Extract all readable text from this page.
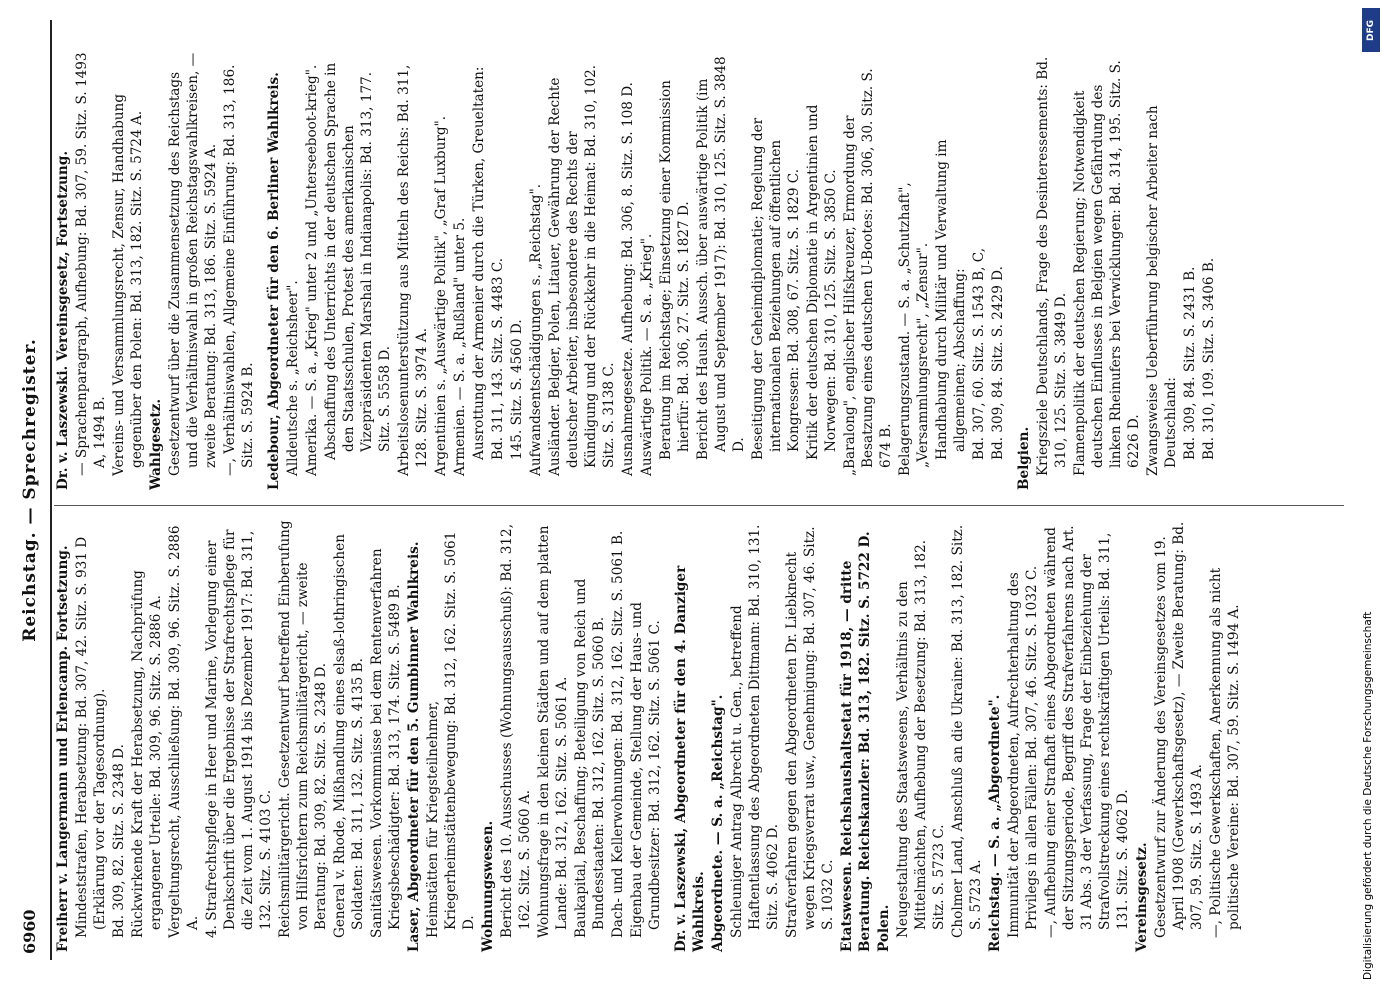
6960
Reichstag. — Sprechregister.
Freiherr v. Langermann und Erlencamp. Fortsetzung. Mindeststrafen, Herabsetzung: Bd. 307, 42. Sitz. S. 931 D (Erklärung vor der Tagesordnung). Bd. 309, 82. Sitz. S. 2348 D. Rückwirkende Kraft der Herabsetzung, Nachprüfung ergangener Urteile: Bd. 309, 96. Sitz. S. 2886 A. Vergeltungsrecht, Ausschließung: Bd. 309, 96. Sitz. S. 2886 A. 4. Strafrechtspflege in Heer und Marine, Vorlegung einer Denkschrift über die Ergebnisse der Strafrechtspflege für die Zeit vom 1. August 1914 bis Dezember 1917: Bd. 311, 132. Sitz. S. 4103 C. Reichsmilitärgericht. Gesetzentwurf betreffend Einberufung von Hilfsrichtern zum Reichsmilitärgericht, — zweite Beratung: Bd. 309, 82. Sitz. S. 2348 D. General v. Rhode, Mißhandlung eines elsaß-lothringischen Soldaten: Bd. 311, 132. Sitz. S. 4135 B. Sanitätswesen. Vorkommnisse bei dem Rentenverfahren Kriegsbeschädigter: Bd. 313, 174. Sitz. S. 5489 B. Laser, Abgeordneter für den 5. Gumbinner Wahlkreis. Heimstätten für Kriegsteilnehmer, Kriegerheimstättenbewegung: Bd. 312, 162. Sitz. S. 5061 D. Wohnungswesen. Bericht des 10. Ausschusses (Wohnungsausschuß): Bd. 312, 162. Sitz. S. 5060 A. Wohnungsfrage in den kleinen Städten und auf dem platten Lande: Bd. 312, 162. Sitz. S. 5061 A. Baukapital, Beschaffung; Beteiligung von Reich und Bundesstaaten: Bd. 312, 162. Sitz. S. 5060 B. Dach- und Kellerwohnungen: Bd. 312, 162. Sitz. S. 5061 B. Eigenbau der Gemeinde, Stellung der Haus- und Grundbesitzer: Bd. 312, 162. Sitz. S. 5061 C. Dr. v. Laszewski, Abgeordneter für den 4. Danziger Wahlkreis. Abgeordnete. — S. a. „Reichstag". Schleuniger Antrag Albrecht u. Gen., betreffend Haftentlassung des Abgeordneten Dittmann: Bd. 310, 131. Sitz. S. 4062 D. Strafverfahren gegen den Abgeordneten Dr. Liebknecht wegen Kriegsverrat usw., Genehmigung: Bd. 307, 46. Sitz. S. 1032 C. Etatswesen. Reichshaushaltsetat für 1918, — dritte Beratung. Reichskanzler: Bd. 313, 182. Sitz. S. 5722 D. Polen. Neugestaltung des Staatswesens, Verhältnis zu den Mittelmächten, Aufhebung der Besetzung: Bd. 313, 182. Sitz. S. 5723 C. Cholmer Land, Anschluß an die Ukraine: Bd. 313, 182. Sitz. S. 5723 A. Reichstag. — S. a. „Abgeordnete". Immunität der Abgeordneten, Aufrechterhaltung des Privilegs in allen Fällen: Bd. 307, 46. Sitz. S. 1032 C. —, Aufhebung einer Strafhaft eines Abgeordneten während der Sitzungsperiode, Begriff des Strafverfahrens nach Art. 31 Abs. 3 der Verfassung, Frage der Einbeziehung der Strafvollstreckung eines rechtskräftigen Urteils: Bd. 311, 131. Sitz. S. 4062 D. Vereinsgesetz. Gesetzentwurf zur Änderung des Vereinsgesetzes vom 19. April 1908 (Gewerkschaftsgesetz), — Zweite Beratung: Bd. 307, 59. Sitz. S. 1493 A. —, Politische Gewerkschaften, Anerkennung als nicht politische Vereine: Bd. 307, 59. Sitz. S. 1494 A.
Dr. v. Laszewski. Vereinsgesetz, Fortsetzung. — Sprachenparagraph, Aufhebung: Bd. 307, 59. Sitz. S. 1493 A, 1494 B. Vereins- und Versammlungsrecht, Zensur, Handhabung gegenüber den Polen: Bd. 313, 182. Sitz. S. 5724 A. Wahlgesetz. Gesetzentwurf über die Zusammensetzung des Reichstags und die Verhältniswahl in großen Reichstagswahlkreisen, — zweite Beratung: Bd. 313, 186. Sitz. S. 5924 A. —, Verhältniswahlen, Allgemeine Einführung: Bd. 313, 186. Sitz. S. 5924 B. Ledebour, Abgeordneter für den 6. Berliner Wahlkreis. Alldeutsche s. „Reichsheer". Amerika. — S. a. „Krieg" unter 2 und „Unterseeboot-krieg". Abschaffung des Unterrichts in der deutschen Sprache in den Staatsschulen, Protest des amerikanischen Vizepräsidenten Marshal in Indianapolis: Bd. 313, 177. Sitz. S. 5558 D. Arbeitslosenunterstützung aus Mitteln des Reichs: Bd. 311, 128. Sitz. S. 3974 A. Argentinien s. „Auswärtige Politik", „Graf Luxburg". Armenien. — S. a. „Rußland" unter 5. Ausrottung der Armenier durch die Türken, Greueltaten: Bd. 311, 143. Sitz. S. 4483 C. 145. Sitz. S. 4560 D. Aufwandsentschädigungen s. „Reichstag". Ausländer. Belgier, Polen, Litauer, Gewährung der Rechte deutscher Arbeiter, insbesondere des Rechts der Kündigung und der Rückkehr in die Heimat: Bd. 310, 102. Sitz. S. 3138 C. Ausnahmegesetze. Aufhebung: Bd. 306, 8. Sitz. S. 108 D. Auswärtige Politik. — S. a. „Krieg". Beratung im Reichstage; Einsetzung einer Kommission hierfür: Bd. 306, 27. Sitz. S. 1827 D. Bericht des Haush. Aussch. über auswärtige Politik (im August und September 1917): Bd. 310, 125. Sitz. S. 3848 D. Beseitigung der Geheimdiplomatie; Regelung der internationalen Beziehungen auf öffentlichen Kongressen: Bd. 308, 67. Sitz. S. 1829 C. Kritik der deutschen Diplomatie in Argentinien und Norwegen: Bd. 310, 125. Sitz. S. 3850 C. „Baralong", englischer Hilfskreuzer, Ermordung der Besatzung eines deutschen U-Bootes: Bd. 306, 30. Sitz. S. 674 B. Belagerungszustand. — S. a. „Schutzhaft", „Versammlungsrecht", „Zensur". Handhabung durch Militär und Verwaltung im allgemeinen; Abschaffung: Bd. 307, 60. Sitz. S. 1543 B, C, Bd. 309, 84. Sitz. S. 2429 D. Belgien. Kriegsziele Deutschlands, Frage des Desinteressements: Bd. 310, 125. Sitz. S. 3849 D. Flamenpolitik der deutschen Regierung; Notwendigkeit deutschen Einflusses in Belgien wegen Gefährdung des linken Rheinufers bei Verwicklungen: Bd. 314, 195. Sitz. S. 6226 D. Zwangsweise Ueberführung belgischer Arbeiter nach Deutschland: Bd. 309, 84. Sitz. S. 2431 B. Bd. 310, 109. Sitz. S. 3406 B.
DFG
Digitalisierung gefördert durch die Deutsche Forschungsgemeinschaft
